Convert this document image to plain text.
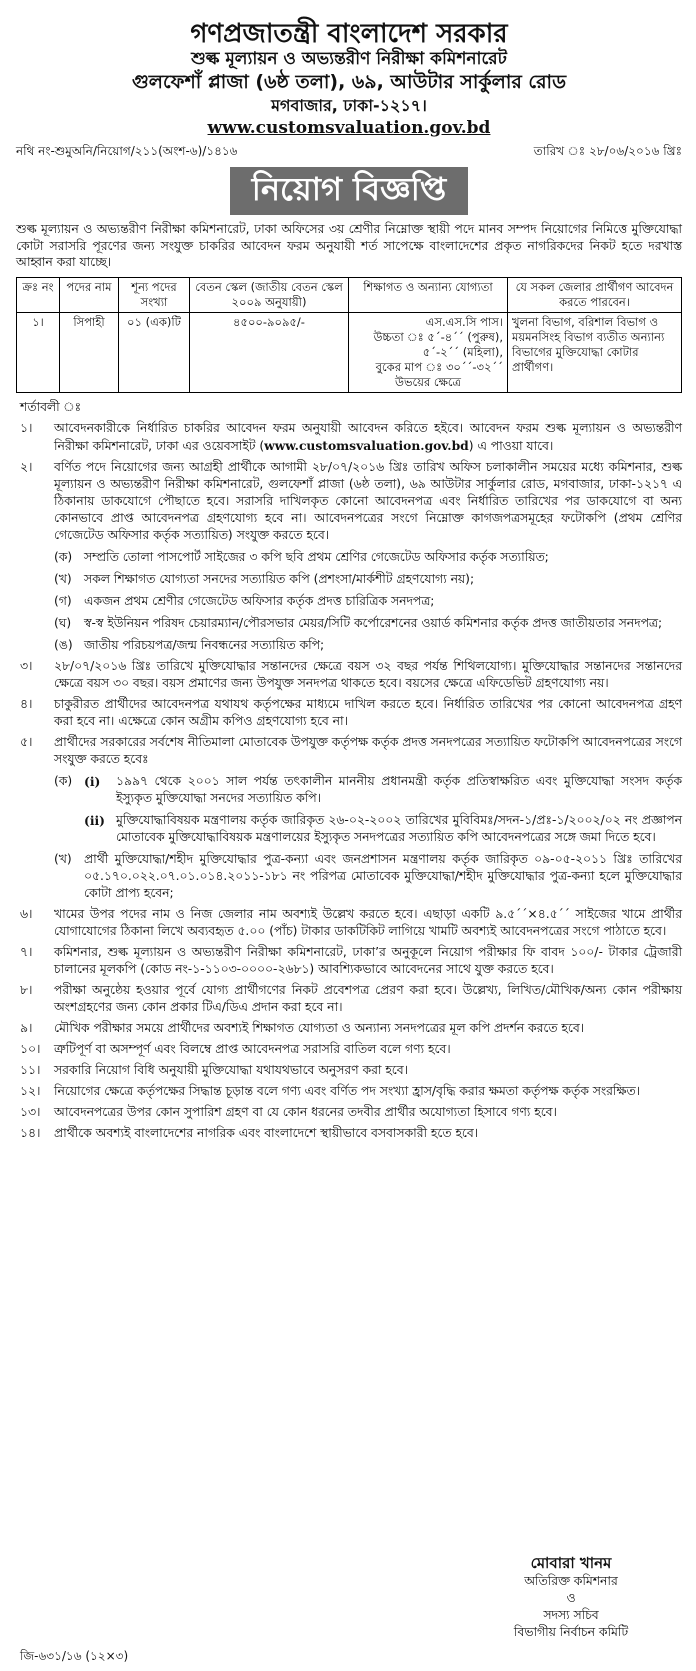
গণপ্রজাতন্ত্রী বাংলাদেশ সরকার
শুল্ক মূল্যায়ন ও অভ্যন্তরীণ নিরীক্ষা কমিশনারেট
গুলফেশাঁ প্লাজা (৬ষ্ঠ তলা), ৬৯, আউটার সার্কুলার রোড
মগবাজার, ঢাকা-১২১৭।
www.customsvaluation.gov.bd
নথি নং-শুমুঅনি/নিয়োগ/২১১(অংশ-৬)/১৪১৬	তারিখ ঃ ২৮/০৬/২০১৬ খ্রিঃ
নিয়োগ বিজ্ঞপ্তি
শুল্ক মূল্যায়ন ও অভ্যন্তরীণ নিরীক্ষা কমিশনারেট, ঢাকা অফিসের ৩য় শ্রেণীর নিম্নোক্ত স্থায়ী পদে মানব সম্পদ নিয়োগের নিমিত্তে মুক্তিযোদ্ধা কোটা সরাসরি পূরণের জন্য সংযুক্ত চাকরির আবেদন ফরম অনুযায়ী শর্ত সাপেক্ষে বাংলাদেশের প্রকৃত নাগরিকদের নিকট হতে দরখাস্ত আহ্বান করা যাচ্ছে।
ক্রঃ নং	পদের নাম	শূন্য পদের সংখ্যা	বেতন স্কেল (জাতীয় বেতন স্কেল ২০০৯ অনুযায়ী)	শিক্ষাগত ও অন্যান্য যোগ্যতা	যে সকল জেলার প্রার্থীগণ আবেদন করতে পারবেন।
১।	সিপাহী	০১ (এক)টি	৪৫০০-৯০৯৫/-	এস.এস.সি পাস।
উচ্চতা ঃ ৫´-৪´´ (পুরুষ),
৫´-২´´ (মহিলা),
বুকের মাপ ঃ ৩০´´-৩২´´
উভয়ের ক্ষেত্রে	খুলনা বিভাগ, বরিশাল বিভাগ ও ময়মনসিংহ বিভাগ ব্যতীত অন্যান্য বিভাগের মুক্তিযোদ্ধা কোটার প্রার্থীগণ।
শর্তাবলী ঃ
১।	আবেদনকারীকে নির্ধারিত চাকরির আবেদন ফরম অনুযায়ী আবেদন করিতে হইবে। আবেদন ফরম শুল্ক মূল্যায়ন ও অভ্যন্তরীণ নিরীক্ষা কমিশনারেট, ঢাকা এর ওয়েবসাইট (www.customsvaluation.gov.bd) এ পাওয়া যাবে।
২।	বর্ণিত পদে নিয়োগের জন্য আগ্রহী প্রার্থীকে আগামী ২৮/০৭/২০১৬ খ্রিঃ তারিখ অফিস চলাকালীন সময়ের মধ্যে কমিশনার, শুল্ক মূল্যায়ন ও অভ্যন্তরীণ নিরীক্ষা কমিশনারেট, গুলফেশাঁ প্লাজা (৬ষ্ঠ তলা), ৬৯ আউটার সার্কুলার রোড, মগবাজার, ঢাকা-১২১৭ এ ঠিকানায় ডাকযোগে পৌছাতে হবে। সরাসরি দাখিলকৃত কোনো আবেদনপত্র এবং নির্ধারিত তারিখের পর ডাকযোগে বা অন্য কোনভাবে প্রাপ্ত আবেদনপত্র গ্রহণযোগ্য হবে না। আবেদনপত্রের সংগে নিম্নোক্ত কাগজপত্রসমূহের ফটোকপি (প্রথম শ্রেণির গেজেটেড অফিসার কর্তৃক সত্যায়িত) সংযুক্ত করতে হবে।
(ক) সম্প্রতি তোলা পাসপোর্ট সাইজের ৩ কপি ছবি প্রথম শ্রেণির গেজেটেড অফিসার কর্তৃক সত্যায়িত;
(খ)	সকল শিক্ষাগত যোগ্যতা সনদের সত্যায়িত কপি (প্রশংসা/মার্কশীট গ্রহণযোগ্য নয়);
(গ)	একজন প্রথম শ্রেণীর গেজেটেড অফিসার কর্তৃক প্রদত্ত চারিত্রিক সনদপত্র;
(ঘ)	স্ব-স্ব ইউনিয়ন পরিষদ চেয়ারম্যান/পৌরসভার মেয়র/সিটি কর্পোরেশনের ওয়ার্ড কমিশনার কর্তৃক প্রদত্ত জাতীয়তার সনদপত্র;
(ঙ) জাতীয় পরিচয়পত্র/জন্ম নিবন্ধনের সত্যায়িত কপি;
৩।	২৮/০৭/২০১৬ খ্রিঃ তারিখে মুক্তিযোদ্ধার সন্তানদের ক্ষেত্রে বয়স ৩২ বছর পর্যন্ত শিথিলযোগ্য। মুক্তিযোদ্ধার সন্তানদের সন্তানদের ক্ষেত্রে বয়স ৩০ বছর। বয়স প্রমাণের জন্য উপযুক্ত সনদপত্র থাকতে হবে। বয়সের ক্ষেত্রে এফিডেভিট গ্রহণযোগ্য নয়।
৪।	চাকুরীরত প্রার্থীদের আবেদনপত্র যথাযথ কর্তৃপক্ষের মাধ্যমে দাখিল করতে হবে। নির্ধারিত তারিখের পর কোনো আবেদনপত্র গ্রহণ করা হবে না। এক্ষেত্রে কোন অগ্রীম কপিও গ্রহণযোগ্য হবে না।
৫।	প্রার্থীদের সরকারের সর্বশেষ নীতিমালা মোতাবেক উপযুক্ত কর্তৃপক্ষ কর্তৃক প্রদত্ত সনদপত্রের সত্যায়িত ফটোকপি আবেদনপত্রের সংগে সংযুক্ত করতে হবেঃ
(ক) (i)	১৯৯৭ থেকে ২০০১ সাল পর্যন্ত তৎকালীন মাননীয় প্রধানমন্ত্রী কর্তৃক প্রতিস্বাক্ষরিত এবং মুক্তিযোদ্ধা সংসদ কর্তৃক ইস্যুকৃত মুক্তিযোদ্ধা সনদের সত্যায়িত কপি।
(ii) মুক্তিযোদ্ধাবিষয়ক মন্ত্রণালয় কর্তৃক জারিকৃত ২৬-০২-২০০২ তারিখের মুবিবিমঃ/সদন-১/প্রঃ-১/২০০২/০২ নং প্রজ্ঞাপন মোতাবেক মুক্তিযোদ্ধাবিষয়ক মন্ত্রণালয়ের ইস্যুকৃত সনদপত্রের সত্যায়িত কপি আবেদনপত্রের সঙ্গে জমা দিতে হবে।
(খ)	প্রার্থী মুক্তিযোদ্ধা/শহীদ মুক্তিযোদ্ধার পুত্র-কন্যা এবং জনপ্রশাসন মন্ত্রণালয় কর্তৃক জারিকৃত ০৯-০৫-২০১১ খ্রিঃ তারিখের ০৫.১৭০.০২২.০৭.০১.০১৪.২০১১-১৮১ নং পরিপত্র মোতাবেক মুক্তিযোদ্ধা/শহীদ মুক্তিযোদ্ধার পুত্র-কন্যা হলে মুক্তিযোদ্ধার কোটা প্রাপ্য হবেন;
৬।	খামের উপর পদের নাম ও নিজ জেলার নাম অবশ্যই উল্লেখ করতে হবে। এছাড়া একটি ৯.৫´´×৪.৫´´ সাইজের খামে প্রার্থীর যোগাযোগের ঠিকানা লিখে অব্যবহৃত ৫.০০ (পাঁচ) টাকার ডাকটিকিট লাগিয়ে খামটি অবশ্যই আবেদনপত্রের সংগে পাঠাতে হবে।
৭।	কমিশনার, শুল্ক মূল্যায়ন ও অভ্যন্তরীণ নিরীক্ষা কমিশনারেট, ঢাকা’র অনুকূলে নিয়োগ পরীক্ষার ফি বাবদ ১০০/- টাকার ট্রেজারী চালানের মূলকপি (কোড নং-১-১১০৩-০০০০-২৬৮১) আবশ্যিকভাবে আবেদনের সাথে যুক্ত করতে হবে।
৮।	পরীক্ষা অনুষ্ঠেয় হওয়ার পূর্বে যোগ্য প্রার্থীগণের নিকট প্রবেশপত্র প্রেরণ করা হবে। উল্লেখ্য, লিখিত/মৌখিক/অন্য কোন পরীক্ষায় অংশগ্রহণের জন্য কোন প্রকার টিএ/ডিএ প্রদান করা হবে না।
৯।	মৌখিক পরীক্ষার সময়ে প্রার্থীদের অবশ্যই শিক্ষাগত যোগ্যতা ও অন্যান্য সনদপত্রের মূল কপি প্রদর্শন করতে হবে।
১০।	ত্রুটিপূর্ণ বা অসম্পূর্ণ এবং বিলম্বে প্রাপ্ত আবেদনপত্র সরাসরি বাতিল বলে গণ্য হবে।
১১।	সরকারি নিয়োগ বিধি অনুযায়ী মুক্তিযোদ্ধা যথাযথভাবে অনুসরণ করা হবে।
১২।	নিয়োগের ক্ষেত্রে কর্তৃপক্ষের সিদ্ধান্ত চূড়ান্ত বলে গণ্য এবং বর্ণিত পদ সংখ্যা হ্রাস/বৃদ্ধি করার ক্ষমতা কর্তৃপক্ষ কর্তৃক সংরক্ষিত।
১৩।	আবেদনপত্রের উপর কোন সুপারিশ গ্রহণ বা যে কোন ধরনের তদবীর প্রার্থীর অযোগ্যতা হিসাবে গণ্য হবে।
১৪।	প্রার্থীকে অবশ্যই বাংলাদেশের নাগরিক এবং বাংলাদেশে স্থায়ীভাবে বসবাসকারী হতে হবে।
মোবারা খানম
অতিরিক্ত কমিশনার
ও
সদস্য সচিব
বিভাগীয় নির্বাচন কমিটি
জি-৬৩১/১৬ (১২×৩)
